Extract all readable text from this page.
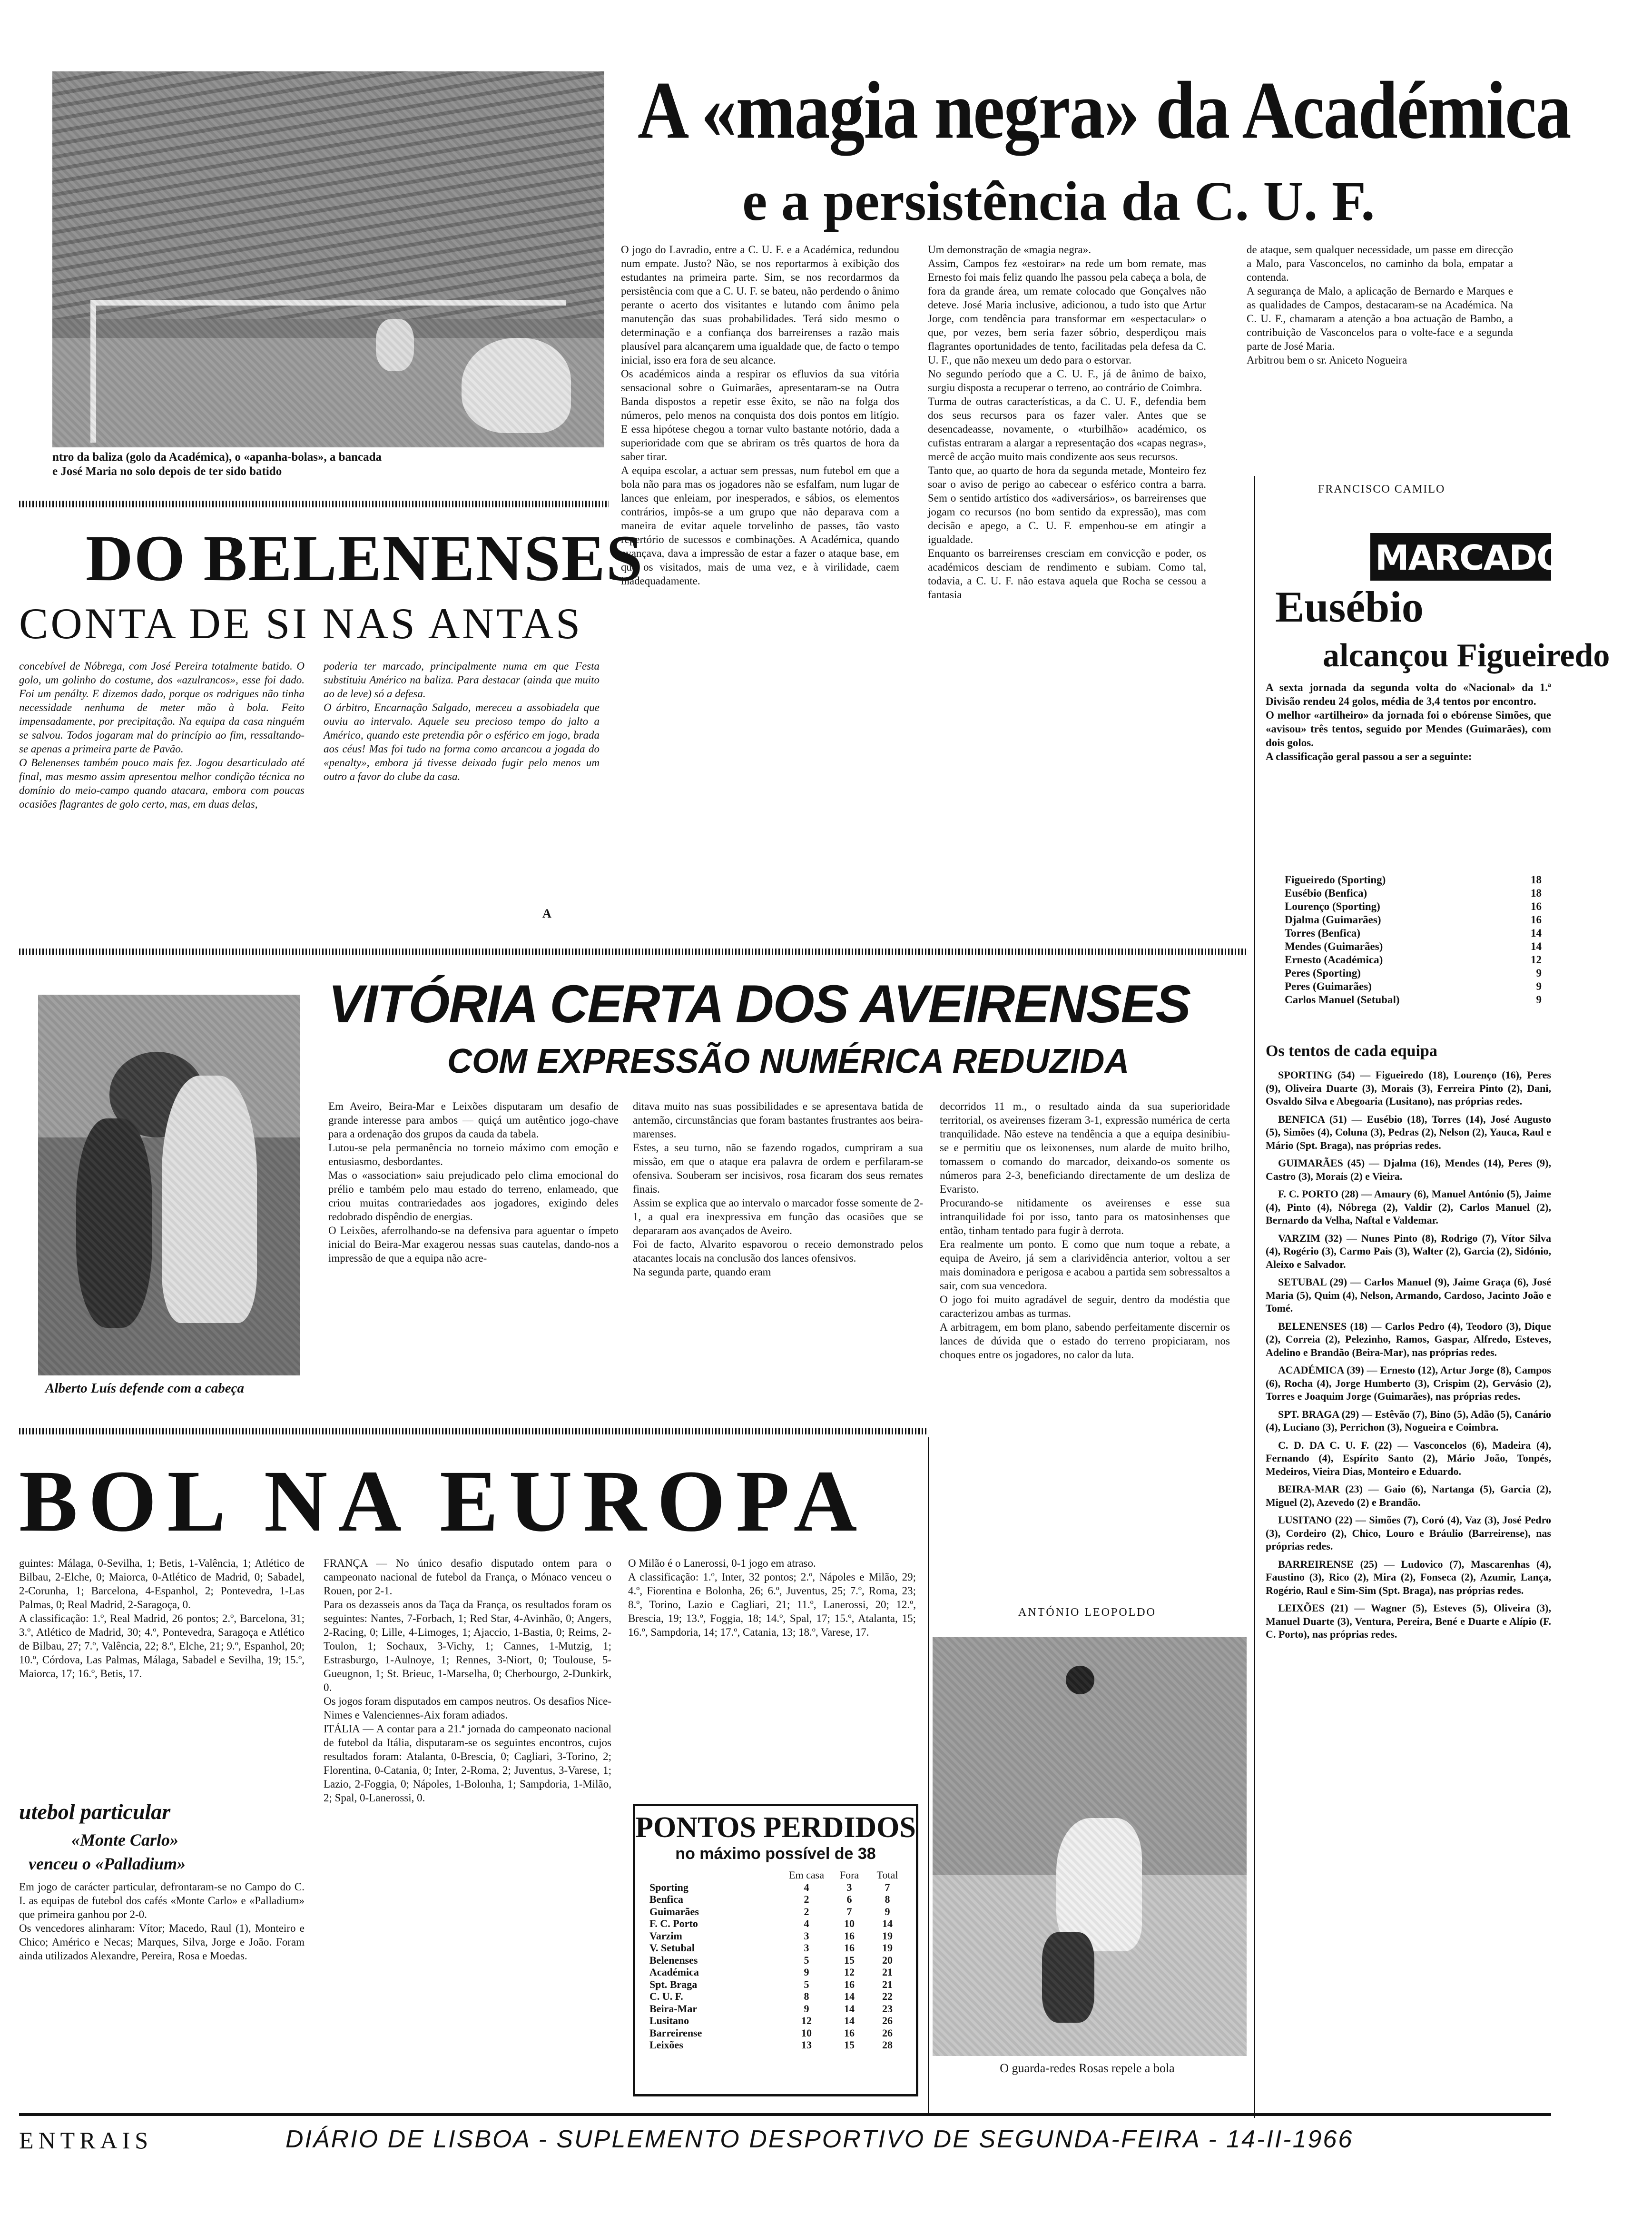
ntro da baliza (golo da Académica), o «apanha-bolas», a bancada
e José Maria no solo depois de ter sido batido
A «magia negra» da Académica
e a persistência da C. U. F.
O jogo do Lavradio, entre a C. U. F. e a Académica, redundou num empate. Justo? Não, se nos reportarmos à exibição dos estudantes na primeira parte. Sim, se nos recordarmos da persistência com que a C. U. F. se bateu, não perdendo o ânimo perante o acerto dos visitantes e lutando com ânimo pela manutenção das suas probabilidades. Terá sido mesmo o determinação e a confiança dos barreirenses a razão mais plausível para alcançarem uma igualdade que, de facto o tempo inicial, isso era fora de seu alcance.
Os académicos ainda a respirar os efluvios da sua vitória sensacional sobre o Guimarães, apresentaram-se na Outra Banda dispostos a repetir esse êxito, se não na folga dos números, pelo menos na conquista dos dois pontos em litígio. E essa hipótese chegou a tornar vulto bastante notório, dada a superioridade com que se abriram os três quartos de hora da saber tirar.
A equipa escolar, a actuar sem pressas, num futebol em que a bola não para mas os jogadores não se esfalfam, num lugar de lances que enleiam, por inesperados, e sábios, os elementos contrários, impôs-se a um grupo que não deparava com a maneira de evitar aquele torvelinho de passes, tão vasto repertório de sucessos e combinações. A Académica, quando avançava, dava a impressão de estar a fazer o ataque base, em que os visitados, mais de uma vez, e à virilidade, caem inadequadamente.
Um demonstração de «magia negra».
Assim, Campos fez «estoirar» na rede um bom remate, mas Ernesto foi mais feliz quando lhe passou pela cabeça a bola, de fora da grande área, um remate colocado que Gonçalves não deteve. José Maria inclusive, adicionou, a tudo isto que Artur Jorge, com tendência para transformar em «espectacular» o que, por vezes, bem seria fazer sóbrio, desperdiçou mais flagrantes oportunidades de tento, facilitadas pela defesa da C. U. F., que não mexeu um dedo para o estorvar.
No segundo período que a C. U. F., já de ânimo de baixo, surgiu disposta a recuperar o terreno, ao contrário de Coimbra.
Turma de outras características, a da C. U. F., defendia bem dos seus recursos para os fazer valer. Antes que se desencadeasse, novamente, o «turbilhão» académico, os cufistas entraram a alargar a representação dos «capas negras», mercê de acção muito mais condizente aos seus recursos.
Tanto que, ao quarto de hora da segunda metade, Monteiro fez soar o aviso de perigo ao cabecear o esférico contra a barra. Sem o sentido artístico dos «adiversários», os barreirenses que jogam co recursos (no bom sentido da expressão), mas com decisão e apego, a C. U. F. empenhou-se em atingir a igualdade.
Enquanto os barreirenses cresciam em convicção e poder, os académicos desciam de rendimento e subiam. Como tal, todavia, a C. U. F. não estava aquela que Rocha se cessou a fantasia
de ataque, sem qualquer necessidade, um passe em direcção a Malo, para Vasconcelos, no caminho da bola, empatar a contenda.
A segurança de Malo, a aplicação de Bernardo e Marques e as qualidades de Campos, destacaram-se na Académica. Na C. U. F., chamaram a atenção a boa actuação de Bambo, a contribuição de Vasconcelos para o volte-face e a segunda parte de José Maria.
Arbitrou bem o sr. Aniceto Nogueira
FRANCISCO CAMILO
DO BELENENSES
CONTA DE SI NAS ANTAS
concebível de Nóbrega, com José Pereira totalmente batido. O golo, um golinho do costume, dos «azulrancos», esse foi dado. Foi um penálty. E dizemos dado, porque os rodrigues não tinha necessidade nenhuma de meter mão à bola. Feito impensadamente, por precipitação. Na equipa da casa ninguém se salvou. Todos jogaram mal do princípio ao fim, ressaltando-se apenas a primeira parte de Pavão.
O Belenenses também pouco mais fez. Jogou desarticulado até final, mas mesmo assim apresentou melhor condição técnica no domínio do meio-campo quando atacara, embora com poucas ocasiões flagrantes de golo certo, mas, em duas delas,
poderia ter marcado, principalmente numa em que Festa substituiu Américo na baliza. Para destacar (ainda que muito ao de leve) só a defesa.
O árbitro, Encarnação Salgado, mereceu a assobiadela que ouviu ao intervalo. Aquele seu precioso tempo do jalto a Américo, quando este pretendia pôr o esférico em jogo, brada aos céus! Mas foi tudo na forma como arcancou a jogada do «penalty», embora já tivesse deixado fugir pelo menos um outro a favor do clube da casa.
A
MARCADORES
Eusébio
alcançou Figueiredo
A sexta jornada da segunda volta do «Nacional» da 1.ª Divisão rendeu 24 golos, média de 3,4 tentos por encontro.
O melhor «artilheiro» da jornada foi o ebórense Simões, que «avisou» três tentos, seguido por Mendes (Guimarães), com dois golos.
A classificação geral passou a ser a seguinte:
Figueiredo (Sporting)	18
Eusébio (Benfica)	18
Lourenço (Sporting)	16
Djalma (Guimarães)	16
Torres (Benfica)	14
Mendes (Guimarães)	14
Ernesto (Académica)	12
Peres (Sporting)	9
Peres (Guimarães)	9
Carlos Manuel (Setubal)	9
Os tentos de cada equipa

SPORTING (54) — Figueiredo (18), Lourenço (16), Peres (9), Oliveira Duarte (3), Morais (3), Ferreira Pinto (2), Dani, Osvaldo Silva e Abegoaria (Lusitano), nas próprias redes.

BENFICA (51) — Eusébio (18), Torres (14), José Augusto (5), Simões (4), Coluna (3), Pedras (2), Nelson (2), Yauca, Raul e Mário (Spt. Braga), nas próprias redes.

GUIMARÃES (45) — Djalma (16), Mendes (14), Peres (9), Castro (3), Morais (2) e Vieira.

F. C. PORTO (28) — Amaury (6), Manuel António (5), Jaime (4), Pinto (4), Nóbrega (2), Valdir (2), Carlos Manuel (2), Bernardo da Velha, Naftal e Valdemar.

VARZIM (32) — Nunes Pinto (8), Rodrigo (7), Vítor Silva (4), Rogério (3), Carmo Pais (3), Walter (2), Garcia (2), Sidónio, Aleixo e Salvador.

SETUBAL (29) — Carlos Manuel (9), Jaime Graça (6), José Maria (5), Quim (4), Nelson, Armando, Cardoso, Jacinto João e Tomé.

BELENENSES (18) — Carlos Pedro (4), Teodoro (3), Dique (2), Correia (2), Pelezinho, Ramos, Gaspar, Alfredo, Esteves, Adelino e Brandão (Beira-Mar), nas próprias redes.

ACADÉMICA (39) — Ernesto (12), Artur Jorge (8), Campos (6), Rocha (4), Jorge Humberto (3), Crispim (2), Gervásio (2), Torres e Joaquim Jorge (Guimarães), nas próprias redes.

SPT. BRAGA (29) — Estêvão (7), Bino (5), Adão (5), Canário (4), Luciano (3), Perrichon (3), Nogueira e Coimbra.

C. D. DA C. U. F. (22) — Vasconcelos (6), Madeira (4), Fernando (4), Espírito Santo (2), Mário João, Tonpés, Medeiros, Vieira Dias, Monteiro e Eduardo.

BEIRA-MAR (23) — Gaio (6), Nartanga (5), Garcia (2), Miguel (2), Azevedo (2) e Brandão.

LUSITANO (22) — Simões (7), Coró (4), Vaz (3), José Pedro (3), Cordeiro (2), Chico, Louro e Bráulio (Barreirense), nas próprias redes.

BARREIRENSE (25) — Ludovico (7), Mascarenhas (4), Faustino (3), Rico (2), Mira (2), Fonseca (2), Azumir, Lança, Rogério, Raul e Sim-Sim (Spt. Braga), nas próprias redes.

LEIXÕES (21) — Wagner (5), Esteves (5), Oliveira (3), Manuel Duarte (3), Ventura, Pereira, Bené e Duarte e Alípio (F. C. Porto), nas próprias redes.

Alberto Luís defende com a cabeça
VITÓRIA CERTA DOS AVEIRENSES
COM EXPRESSÃO NUMÉRICA REDUZIDA
Em Aveiro, Beira-Mar e Leixões disputaram um desafio de grande interesse para ambos — quiçá um autêntico jogo-chave para a ordenação dos grupos da cauda da tabela.
Lutou-se pela permanência no torneio máximo com emoção e entusiasmo, desbordantes.
Mas o «association» saiu prejudicado pelo clima emocional do prélio e também pelo mau estado do terreno, enlameado, que criou muitas contrariedades aos jogadores, exigindo deles redobrado dispêndio de energias.
O Leixões, aferrolhando-se na defensiva para aguentar o ímpeto inicial do Beira-Mar exagerou nessas suas cautelas, dando-nos a impressão de que a equipa não acre-
ditava muito nas suas possibilidades e se apresentava batida de antemão, circunstâncias que foram bastantes frustrantes aos beira-marenses.
Estes, a seu turno, não se fazendo rogados, cumpriram a sua missão, em que o ataque era palavra de ordem e perfilaram-se ofensiva. Souberam ser incisivos, rosa ficaram dos seus remates finais.
Assim se explica que ao intervalo o marcador fosse somente de 2-1, a qual era inexpressiva em função das ocasiões que se depararam aos avançados de Aveiro.
Foi de facto, Alvarito espavorou o receio demonstrado pelos atacantes locais na conclusão dos lances ofensivos.
Na segunda parte, quando eram
decorridos 11 m., o resultado ainda da sua superioridade territorial, os aveirenses fizeram 3-1, expressão numérica de certa tranquilidade. Não esteve na tendência a que a equipa desinibiu-se e permitiu que os leixonenses, num alarde de muito brilho, tomassem o comando do marcador, deixando-os somente os números para 2-3, beneficiando directamente de um desliza de Evaristo.
Procurando-se nitidamente os aveirenses e esse sua intranquilidade foi por isso, tanto para os matosinhenses que então, tinham tentado para fugir à derrota.
Era realmente um ponto. E como que num toque a rebate, a equipa de Aveiro, já sem a clarividência anterior, voltou a ser mais dominadora e perigosa e acabou a partida sem sobressaltos a sair, com sua vencedora.
O jogo foi muito agradável de seguir, dentro da modéstia que caracterizou ambas as turmas.
A arbitragem, em bom plano, sabendo perfeitamente discernir os lances de dúvida que o estado do terreno propiciaram, nos choques entre os jogadores, no calor da luta.
BOL NA EUROPA
guintes: Málaga, 0-Sevilha, 1; Betis, 1-Valência, 1; Atlético de Bilbau, 2-Elche, 0; Maiorca, 0-Atlético de Madrid, 0; Sabadel, 2-Corunha, 1; Barcelona, 4-Espanhol, 2; Pontevedra, 1-Las Palmas, 0; Real Madrid, 2-Saragoça, 0.
A classificação: 1.º, Real Madrid, 26 pontos; 2.º, Barcelona, 31; 3.º, Atlético de Madrid, 30; 4.º, Pontevedra, Saragoça e Atlético de Bilbau, 27; 7.º, Valência, 22; 8.º, Elche, 21; 9.º, Espanhol, 20; 10.º, Córdova, Las Palmas, Málaga, Sabadel e Sevilha, 19; 15.º, Maiorca, 17; 16.º, Betis, 17.
utebol particular
«Monte Carlo»
venceu o «Palladium»
Em jogo de carácter particular, defrontaram-se no Campo do C. I. as equipas de futebol dos cafés «Monte Carlo» e «Palladium» que primeira ganhou por 2-0.
Os vencedores alinharam: Vítor; Macedo, Raul (1), Monteiro e Chico; Américo e Necas; Marques, Silva, Jorge e João. Foram ainda utilizados Alexandre, Pereira, Rosa e Moedas.
FRANÇA — No único desafio disputado ontem para o campeonato nacional de futebol da França, o Mónaco venceu o Rouen, por 2-1.
Para os dezasseis anos da Taça da França, os resultados foram os seguintes: Nantes, 7-Forbach, 1; Red Star, 4-Avinhão, 0; Angers, 2-Racing, 0; Lille, 4-Limoges, 1; Ajaccio, 1-Bastia, 0; Reims, 2-Toulon, 1; Sochaux, 3-Vichy, 1; Cannes, 1-Mutzig, 1; Estrasburgo, 1-Aulnoye, 1; Rennes, 3-Niort, 0; Toulouse, 5-Gueugnon, 1; St. Brieuc, 1-Marselha, 0; Cherbourgo, 2-Dunkirk, 0.
Os jogos foram disputados em campos neutros. Os desafios Nice-Nimes e Valenciennes-Aix foram adiados.
ITÁLIA — A contar para a 21.ª jornada do campeonato nacional de futebol da Itália, disputaram-se os seguintes encontros, cujos resultados foram: Atalanta, 0-Brescia, 0; Cagliari, 3-Torino, 2; Florentina, 0-Catania, 0; Inter, 2-Roma, 2; Juventus, 3-Varese, 1; Lazio, 2-Foggia, 0; Nápoles, 1-Bolonha, 1; Sampdoria, 1-Milão, 2; Spal, 0-Lanerossi, 0.
O Milão é o Lanerossi, 0-1 jogo em atraso.
A classificação: 1.º, Inter, 32 pontos; 2.º, Nápoles e Milão, 29; 4.º, Fiorentina e Bolonha, 26; 6.º, Juventus, 25; 7.º, Roma, 23; 8.º, Torino, Lazio e Cagliari, 21; 11.º, Lanerossi, 20; 12.º, Brescia, 19; 13.º, Foggia, 18; 14.º, Spal, 17; 15.º, Atalanta, 15; 16.º, Sampdoria, 14; 17.º, Catania, 13; 18.º, Varese, 17.
PONTOS PERDIDOS
no máximo possível de 38
	Em casa	Fora	Total
Sporting	4	3	7
Benfica	2	6	8
Guimarães	2	7	9
F. C. Porto	4	10	14
Varzim	3	16	19
V. Setubal	3	16	19
Belenenses	5	15	20
Académica	9	12	21
Spt. Braga	5	16	21
C. U. F.	8	14	22
Beira-Mar	9	14	23
Lusitano	12	14	26
Barreirense	10	16	26
Leixões	13	15	28
ANTÓNIO LEOPOLDO
O guarda-redes Rosas repele a bola
ENTRAIS	DIÁRIO DE LISBOA - SUPLEMENTO DESPORTIVO DE SEGUNDA-FEIRA - 14-II-1966
